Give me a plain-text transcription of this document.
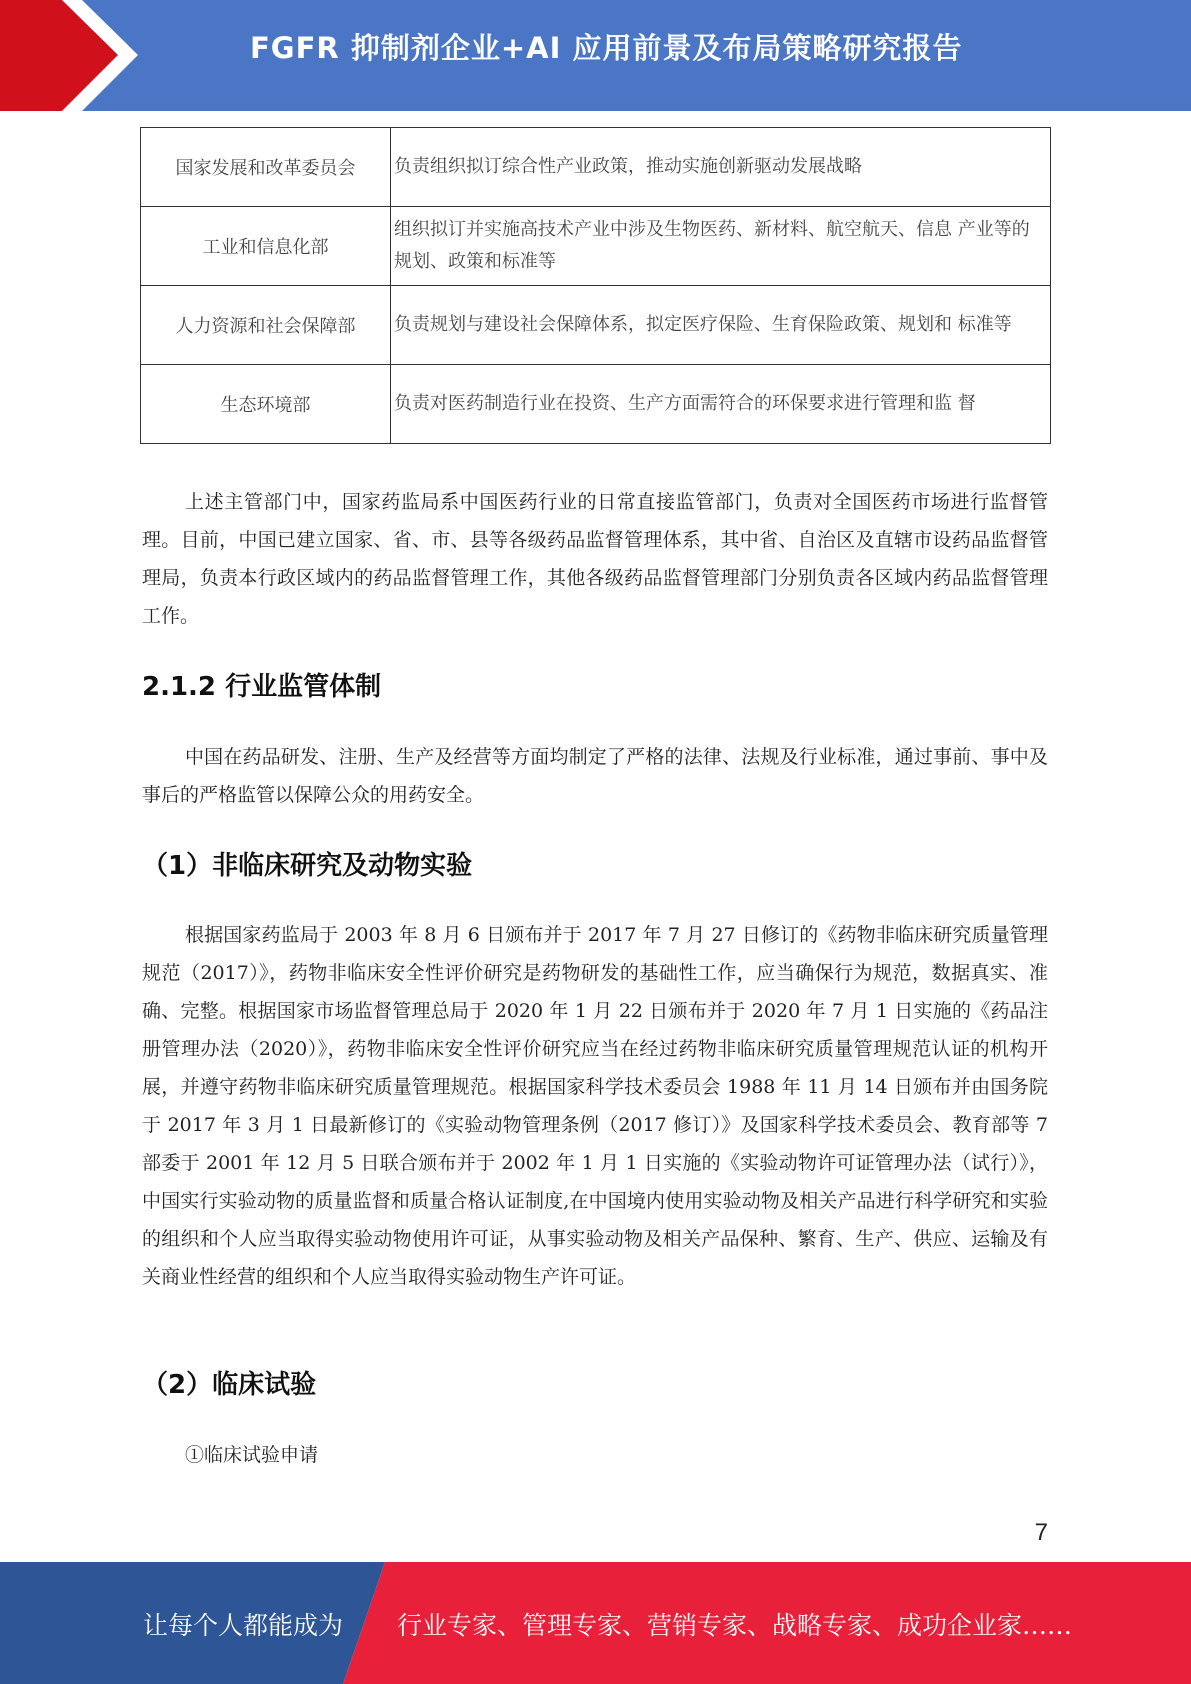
FGFR 抑制剂企业+AI 应用前景及布局策略研究报告
国家发展和改革委员会	负责组织拟订综合性产业政策，推动实施创新驱动发展战略
工业和信息化部	组织拟订并实施高技术产业中涉及生物医药、新材料、航空航天、信息 产业等的规划、政策和标准等
人力资源和社会保障部	负责规划与建设社会保障体系，拟定医疗保险、生育保险政策、规划和 标准等
生态环境部	负责对医药制造行业在投资、生产方面需符合的环保要求进行管理和监 督

上述主管部门中，国家药监局系中国医药行业的日常直接监管部门，负责对全国医药市场进行监督管理。目前，中国已建立国家、省、市、县等各级药品监督管理体系，其中省、自治区及直辖市设药品监督管理局，负责本行政区域内的药品监督管理工作，其他各级药品监督管理部门分别负责各区域内药品监督管理工作。

2.1.2 行业监管体制

中国在药品研发、注册、生产及经营等方面均制定了严格的法律、法规及行业标准，通过事前、事中及事后的严格监管以保障公众的用药安全。

（1）非临床研究及动物实验

根据国家药监局于 2003 年 8 月 6 日颁布并于 2017 年 7 月 27 日修订的《药物非临床研究质量管理规范（2017）》，药物非临床安全性评价研究是药物研发的基础性工作，应当确保行为规范，数据真实、准确、完整。根据国家市场监督管理总局于 2020 年 1 月 22 日颁布并于 2020 年 7 月 1 日实施的《药品注册管理办法（2020）》，药物非临床安全性评价研究应当在经过药物非临床研究质量管理规范认证的机构开展，并遵守药物非临床研究质量管理规范。根据国家科学技术委员会 1988 年 11 月 14 日颁布并由国务院于 2017 年 3 月 1 日最新修订的《实验动物管理条例（2017 修订）》及国家科学技术委员会、教育部等 7 部委于 2001 年 12 月 5 日联合颁布并于 2002 年 1 月 1 日实施的《实验动物许可证管理办法（试行）》，中国实行实验动物的质量监督和质量合格认证制度,在中国境内使用实验动物及相关产品进行科学研究和实验的组织和个人应当取得实验动物使用许可证，从事实验动物及相关产品保种、繁育、生产、供应、运输及有关商业性经营的组织和个人应当取得实验动物生产许可证。

（2）临床试验

①临床试验申请

7
让每个人都能成为 行业专家、管理专家、营销专家、战略专家、成功企业家……
